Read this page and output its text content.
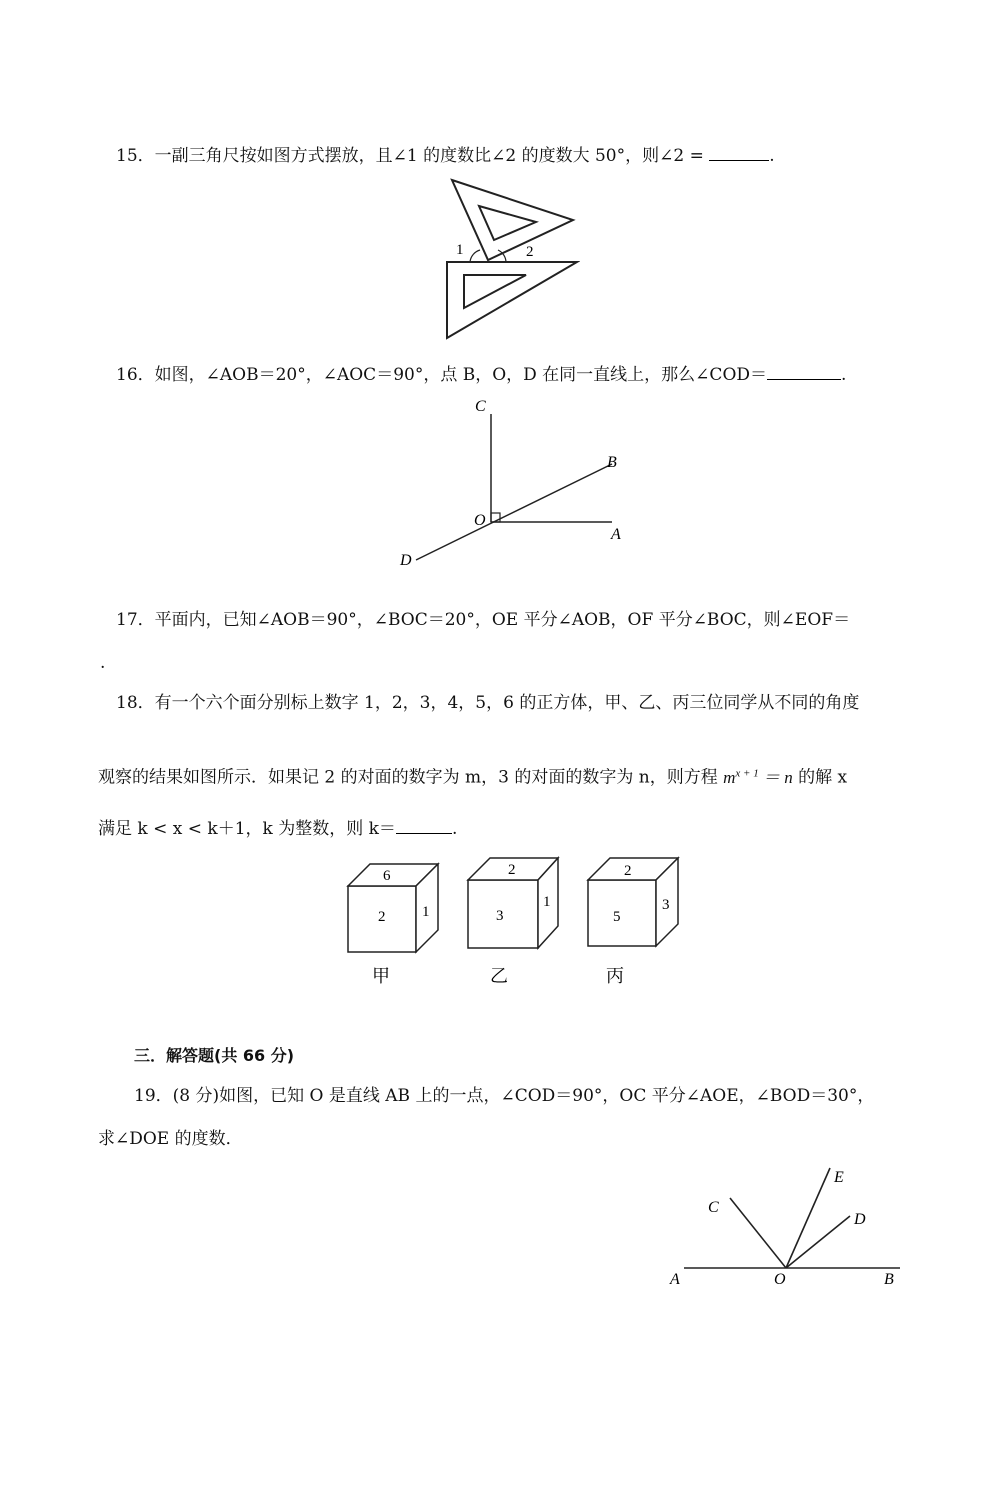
15．一副三角尺按如图方式摆放，且∠1 的度数比∠2 的度数大 50°，则∠2 =	.
1	2
16．如图，∠AOB＝20°，∠AOC＝90°，点 B，O，D 在同一直线上，那么∠COD＝	.
C
B
O
A
D
17．平面内，已知∠AOB＝90°，∠BOC＝20°，OE 平分∠AOB，OF 平分∠BOC，则∠EOF＝
.
18．有一个六个面分别标上数字 1，2，3，4，5，6 的正方体，甲、乙、丙三位同学从不同的角度
观察的结果如图所示．如果记 2 的对面的数字为 m，3 的对面的数字为 n，则方程 $m^{x + 1} = n$ 的解 x
满足 k < x < k＋1，k 为整数，则 k＝	.
6
2 1
2
3
1
2
5
3
甲	乙	丙
三．解答题(共 66 分)
19．(8 分)如图，已知 O 是直线 AB 上的一点，∠COD＝90°，OC 平分∠AOE，∠BOD＝30°，
求∠DOE 的度数．
E
C
D
A	O	B
